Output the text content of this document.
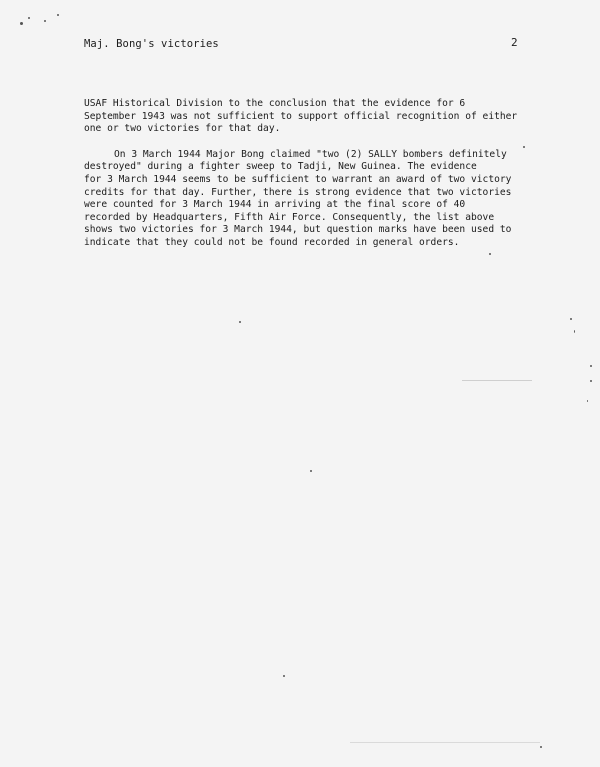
Maj. Bong's victories	2

USAF Historical Division to the conclusion that the evidence for 6
September 1943 was not sufficient to support official recognition of either
one or two victories for that day.

On 3 March 1944 Major Bong claimed "two (2) SALLY bombers definitely
destroyed" during a fighter sweep to Tadji, New Guinea. The evidence
for 3 March 1944 seems to be sufficient to warrant an award of two victory
credits for that day. Further, there is strong evidence that two victories
were counted for 3 March 1944 in arriving at the final score of 40
recorded by Headquarters, Fifth Air Force. Consequently, the list above
shows two victories for 3 March 1944, but question marks have been used to
indicate that they could not be found recorded in general orders.
